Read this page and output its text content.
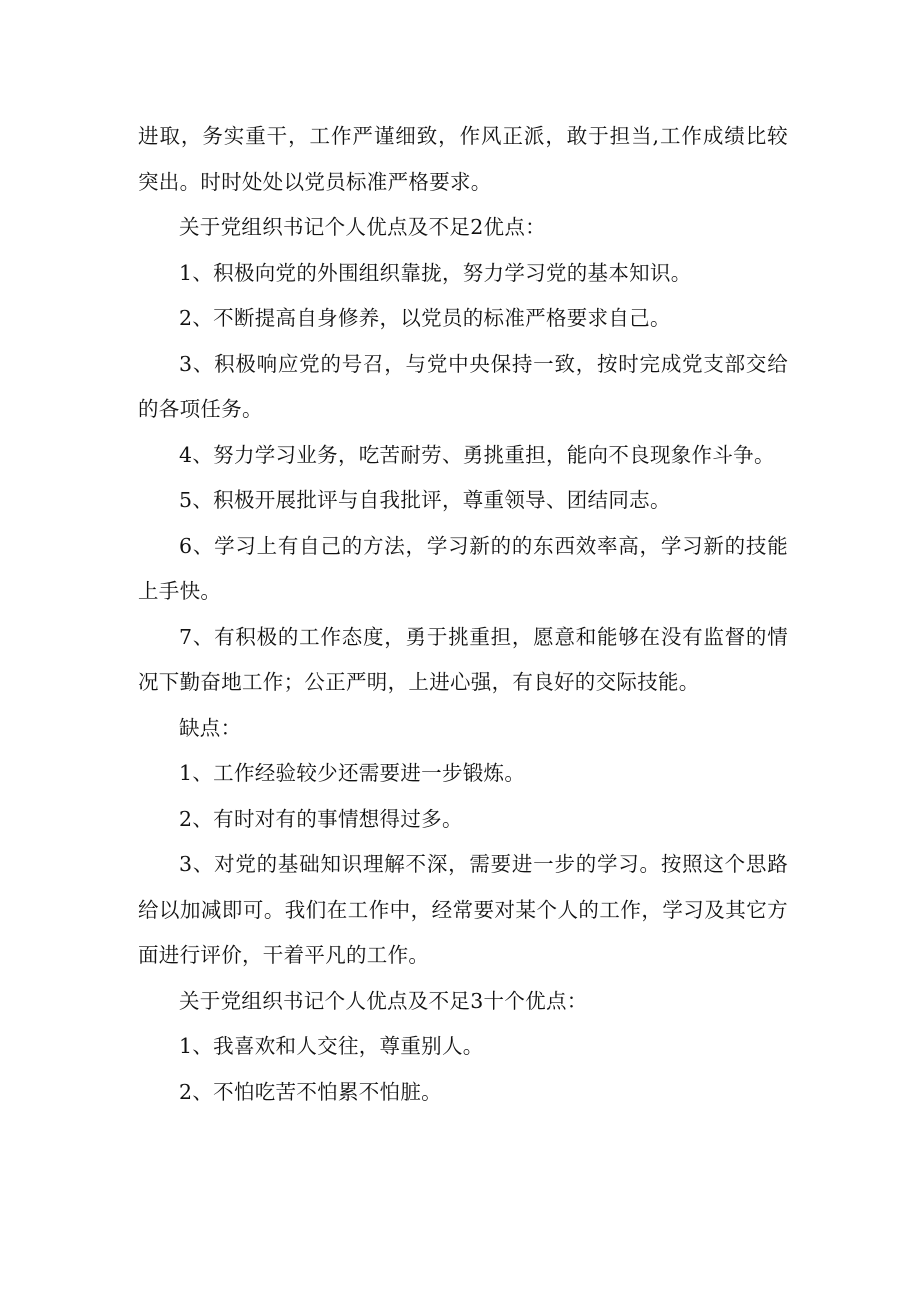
进取，务实重干，工作严谨细致，作风正派，敢于担当,工作成绩比较突出。时时处处以党员标准严格要求。

关于党组织书记个人优点及不足2优点：

1、积极向党的外围组织靠拢，努力学习党的基本知识。

2、不断提高自身修养，以党员的标准严格要求自己。

3、积极响应党的号召，与党中央保持一致，按时完成党支部交给的各项任务。

4、努力学习业务，吃苦耐劳、勇挑重担，能向不良现象作斗争。

5、积极开展批评与自我批评，尊重领导、团结同志。

6、学习上有自己的方法，学习新的的东西效率高，学习新的技能上手快。

7、有积极的工作态度，勇于挑重担，愿意和能够在没有监督的情况下勤奋地工作；公正严明，上进心强，有良好的交际技能。

缺点：

1、工作经验较少还需要进一步锻炼。

2、有时对有的事情想得过多。

3、对党的基础知识理解不深，需要进一步的学习。按照这个思路给以加减即可。我们在工作中，经常要对某个人的工作，学习及其它方面进行评价，干着平凡的工作。

关于党组织书记个人优点及不足3十个优点：

1、我喜欢和人交往，尊重别人。

2、不怕吃苦不怕累不怕脏。
